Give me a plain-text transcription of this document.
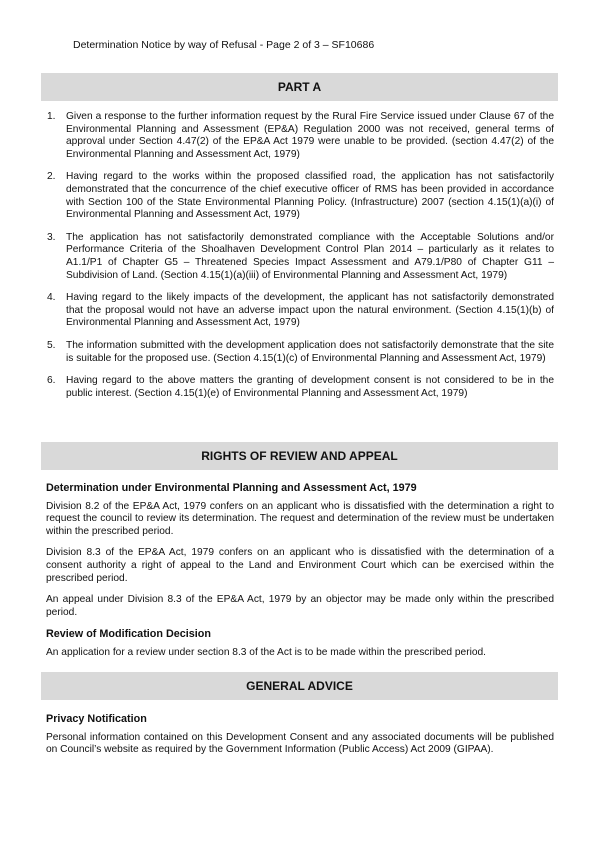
Determination Notice by way of Refusal - Page 2 of 3 – SF10686
PART A
1. Given a response to the further information request by the Rural Fire Service issued under Clause 67 of the Environmental Planning and Assessment (EP&A) Regulation 2000 was not received, general terms of approval under Section 4.47(2) of the EP&A Act 1979 were unable to be provided. (section 4.47(2) of the Environmental Planning and Assessment Act, 1979)
2. Having regard to the works within the proposed classified road, the application has not satisfactorily demonstrated that the concurrence of the chief executive officer of RMS has been provided in accordance with Section 100 of the State Environmental Planning Policy. (Infrastructure) 2007 (section 4.15(1)(a)(i) of Environmental Planning and Assessment Act, 1979)
3. The application has not satisfactorily demonstrated compliance with the Acceptable Solutions and/or Performance Criteria of the Shoalhaven Development Control Plan 2014 – particularly as it relates to A1.1/P1 of Chapter G5 – Threatened Species Impact Assessment and A79.1/P80 of Chapter G11 – Subdivision of Land. (Section 4.15(1)(a)(iii) of Environmental Planning and Assessment Act, 1979)
4. Having regard to the likely impacts of the development, the applicant has not satisfactorily demonstrated that the proposal would not have an adverse impact upon the natural environment. (Section 4.15(1)(b) of Environmental Planning and Assessment Act, 1979)
5. The information submitted with the development application does not satisfactorily demonstrate that the site is suitable for the proposed use. (Section 4.15(1)(c) of Environmental Planning and Assessment Act, 1979)
6. Having regard to the above matters the granting of development consent is not considered to be in the public interest. (Section 4.15(1)(e) of Environmental Planning and Assessment Act, 1979)
RIGHTS OF REVIEW AND APPEAL
Determination under Environmental Planning and Assessment Act, 1979

Division 8.2 of the EP&A Act, 1979 confers on an applicant who is dissatisfied with the determination a right to request the council to review its determination. The request and determination of the review must be undertaken within the prescribed period.

Division 8.3 of the EP&A Act, 1979 confers on an applicant who is dissatisfied with the determination of a consent authority a right of appeal to the Land and Environment Court which can be exercised within the prescribed period.

An appeal under Division 8.3 of the EP&A Act, 1979 by an objector may be made only within the prescribed period.

Review of Modification Decision

An application for a review under section 8.3 of the Act is to be made within the prescribed period.

GENERAL ADVICE
Privacy Notification

Personal information contained on this Development Consent and any associated documents will be published on Council’s website as required by the Government Information (Public Access) Act 2009 (GIPAA).
